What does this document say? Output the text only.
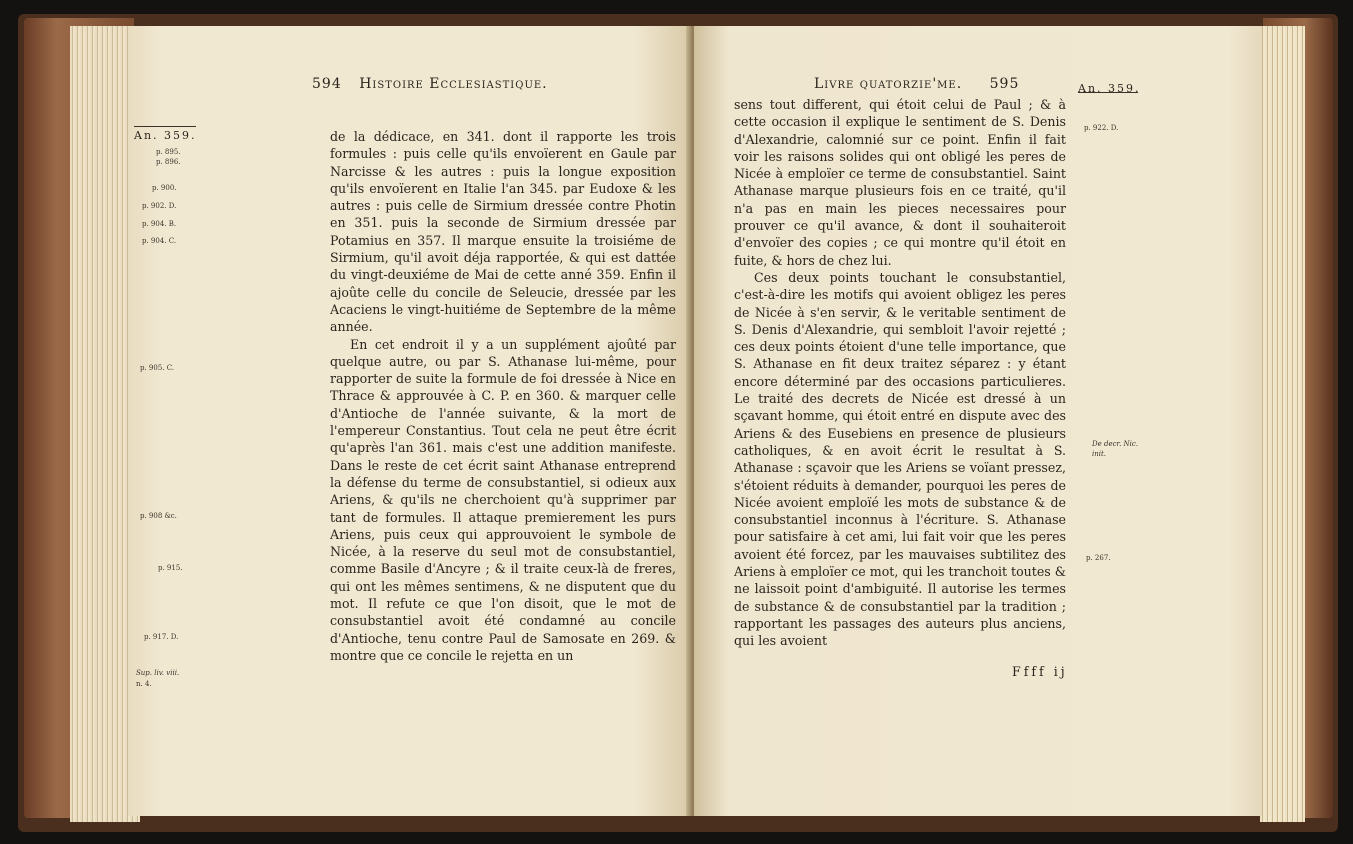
594 Histoire Ecclesiastique.
An. 359.
p. 895.
p. 896.
p. 900.
p. 902. D.
p. 904. B.
p. 904. C.
p. 905. C.
p. 908 &c.
p. 915.
p. 917. D.
Sup. liv. viii.
n. 4.

de la dédicace, en 341. dont il rapporte les trois formules : puis celle qu'ils envoïerent en Gaule par Narcisse & les autres : puis la longue exposition qu'ils envoïerent en Italie l'an 345. par Eudoxe & les autres : puis celle de Sirmium dressée contre Photin en 351. puis la seconde de Sirmium dressée par Potamius en 357. Il marque ensuite la troisiéme de Sirmium, qu'il avoit déja rapportée, & qui est dattée du vingt-deuxiéme de Mai de cette anné 359. Enfin il ajoûte celle du concile de Seleucie, dressée par les Acaciens le vingt-huitiéme de Septembre de la même année.

En cet endroit il y a un supplément ajoûté par quelque autre, ou par S. Athanase lui-même, pour rapporter de suite la formule de foi dressée à Nice en Thrace & approuvée à C. P. en 360. & marquer celle d'Antioche de l'année suivante, & la mort de l'empereur Constantius. Tout cela ne peut être écrit qu'après l'an 361. mais c'est une addition manifeste. Dans le reste de cet écrit saint Athanase entreprend la défense du terme de consubstantiel, si odieux aux Ariens, & qu'ils ne cherchoient qu'à supprimer par tant de formules. Il attaque premierement les purs Ariens, puis ceux qui approuvoient le symbole de Nicée, à la reserve du seul mot de consubstantiel, comme Basile d'Ancyre ; & il traite ceux-là de freres, qui ont les mêmes sentimens, & ne disputent que du mot. Il refute ce que l'on disoit, que le mot de consubstantiel avoit été condamné au concile d'Antioche, tenu contre Paul de Samosate en 269. & montre que ce concile le rejetta en un

Livre quatorzie'me. 595

sens tout different, qui étoit celui de Paul ; & à cette occasion il explique le sentiment de S. Denis d'Alexandrie, calomnié sur ce point. Enfin il fait voir les raisons solides qui ont obligé les peres de Nicée à emploïer ce terme de consubstantiel. Saint Athanase marque plusieurs fois en ce traité, qu'il n'a pas en main les pieces necessaires pour prouver ce qu'il avance, & dont il souhaiteroit d'envoïer des copies ; ce qui montre qu'il étoit en fuite, & hors de chez lui.

Ces deux points touchant le consubstantiel, c'est-à-dire les motifs qui avoient obligez les peres de Nicée à s'en servir, & le veritable sentiment de S. Denis d'Alexandrie, qui sembloit l'avoir rejetté ; ces deux points étoient d'une telle importance, que S. Athanase en fit deux traitez séparez : y étant encore déterminé par des occasions particulieres. Le traité des decrets de Nicée est dressé à un sçavant homme, qui étoit entré en dispute avec des Ariens & des Eusebiens en presence de plusieurs catholiques, & en avoit écrit le resultat à S. Athanase : sçavoir que les Ariens se voïant pressez, s'étoient réduits à demander, pourquoi les peres de Nicée avoient emploïé les mots de substance & de consubstantiel inconnus à l'écriture. S. Athanase pour satisfaire à cet ami, lui fait voir que les peres avoient été forcez, par les mauvaises subtilitez des Ariens à emploïer ce mot, qui les tranchoit toutes & ne laissoit point d'ambiguité. Il autorise les termes de substance & de consubstantiel par la tradition ; rapportant les passages des auteurs plus anciens, qui les avoient

Ffff ij
An. 359.
p. 922. D.
De decr. Nic.
init.
p. 267.
